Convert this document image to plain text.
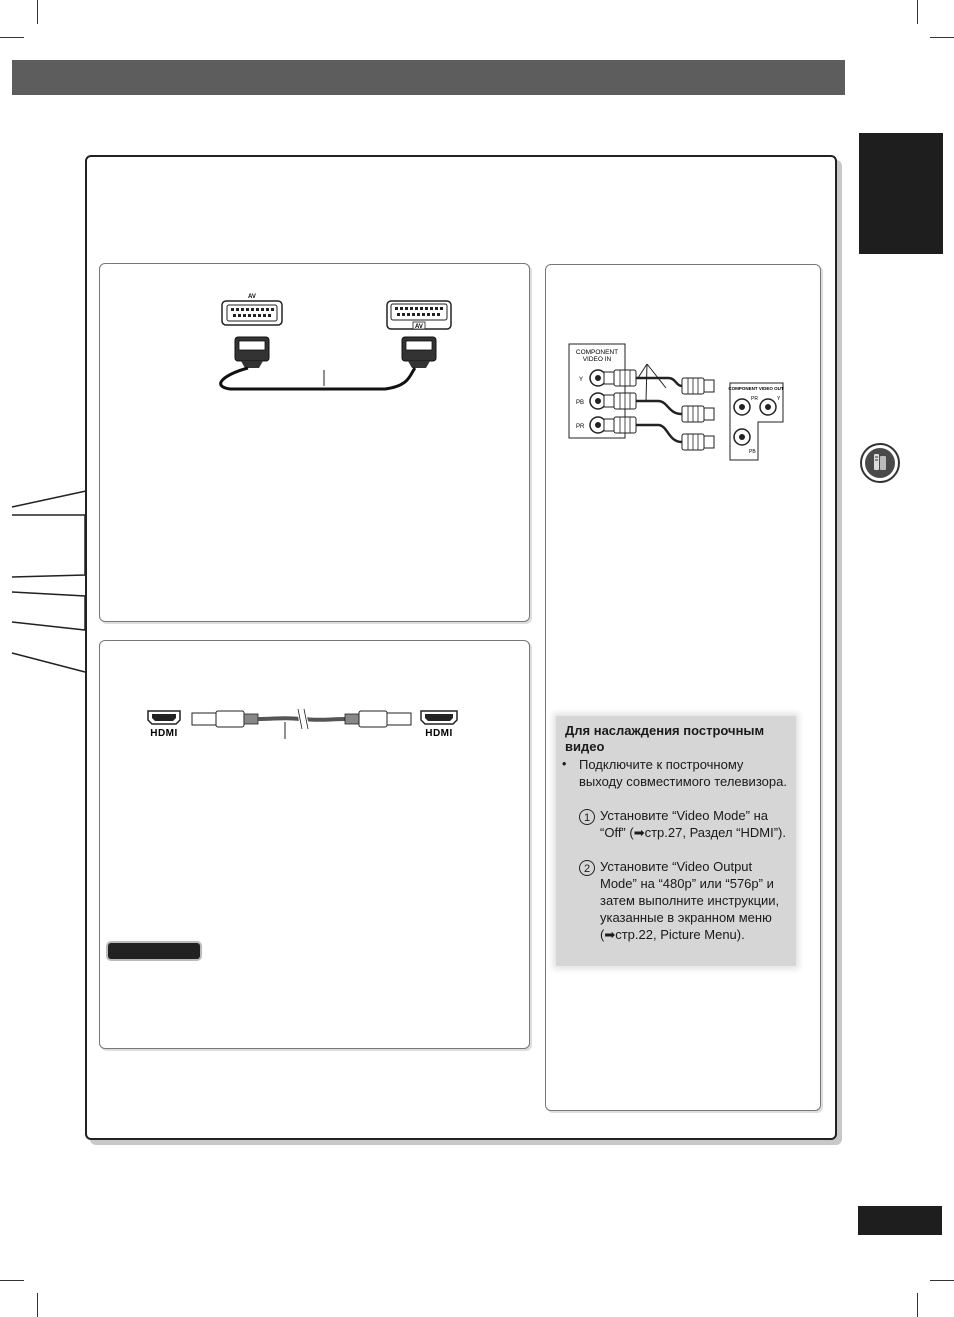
AV
AV
HDMI	HDMI
COMPONENT
VIDEO IN
Y
PB
PR
COMPONENT VIDEO OUT
PR	Y
PB
Для наслаждения построчным видео
• Подключите к построчному выходу совместимого телевизора.
1 Установите “Video Mode” на “Off” (➡стр.27, Раздел “HDMI”).
2 Установите “Video Output Mode” на “480p” или “576p” и затем выполните инструкции, указанные в экранном меню (➡стр.22, Picture Menu).
